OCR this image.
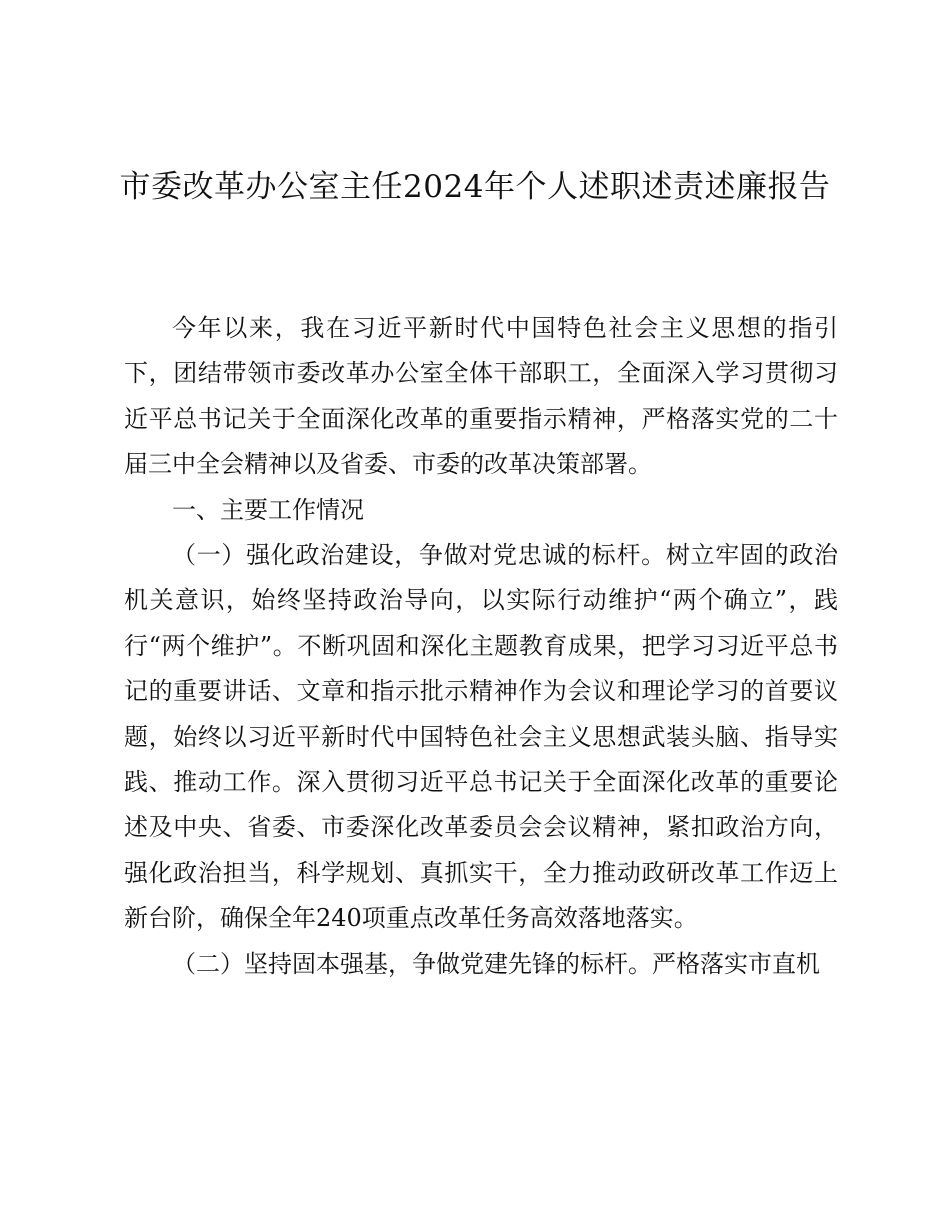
市委改革办公室主任2024年个人述职述责述廉报告

今年以来，我在习近平新时代中国特色社会主义思想的指引下，团结带领市委改革办公室全体干部职工，全面深入学习贯彻习近平总书记关于全面深化改革的重要指示精神，严格落实党的二十届三中全会精神以及省委、市委的改革决策部署。

一、主要工作情况

（一）强化政治建设，争做对党忠诚的标杆。树立牢固的政治机关意识，始终坚持政治导向，以实际行动维护“两个确立”，践行“两个维护”。不断巩固和深化主题教育成果，把学习习近平总书记的重要讲话、文章和指示批示精神作为会议和理论学习的首要议题，始终以习近平新时代中国特色社会主义思想武装头脑、指导实践、推动工作。深入贯彻习近平总书记关于全面深化改革的重要论述及中央、省委、市委深化改革委员会会议精神，紧扣政治方向，强化政治担当，科学规划、真抓实干，全力推动政研改革工作迈上新台阶，确保全年240项重点改革任务高效落地落实。

（二）坚持固本强基，争做党建先锋的标杆。严格落实市直机
